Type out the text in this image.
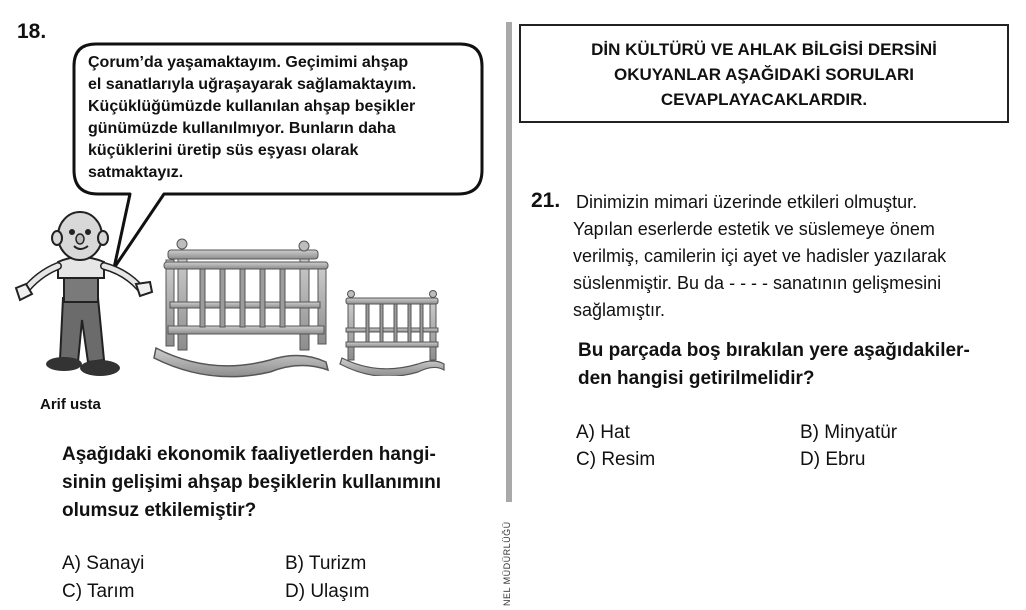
18.
Çorum’da yaşamaktayım. Geçimimi ahşap
el sanatlarıyla uğraşayarak sağlamaktayım.
Küçüklüğümüzde kullanılan ahşap beşikler
günümüzde kullanılmıyor. Bunların daha
küçüklerini üretip süs eşyası olarak
satmaktayız.
Arif usta
Aşağıdaki ekonomik faaliyetlerden hangi-
sinin gelişimi ahşap beşiklerin kullanımını
olumsuz etkilemiştir?
A) Sanayi	B) Turizm
C) Tarım	D) Ulaşım	NEL MÜDÜRLÜĞÜ
DİN KÜLTÜRÜ VE AHLAK BİLGİSİ DERSİNİ
OKUYANLAR AŞAĞIDAKİ SORULARI
CEVAPLAYACAKLARDIR.
21. Dinimizin mimari üzerinde etkileri olmuştur.
Yapılan eserlerde estetik ve süslemeye önem
verilmiş, camilerin içi ayet ve hadisler yazılarak
süslenmiştir. Bu da - - - - sanatının gelişmesini
sağlamıştır.
Bu parçada boş bırakılan yere aşağıdakiler-
den hangisi getirilmelidir?
A) Hat	B) Minyatür
C) Resim	D) Ebru
